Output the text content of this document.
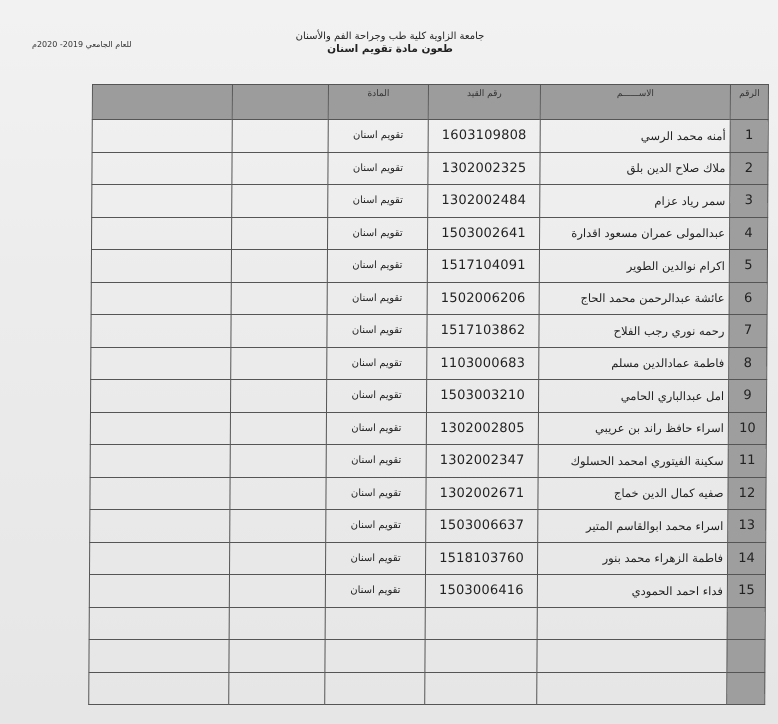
للعام الجامعي 2019- 2020م
جامعة الزاوية كلية طب وجراحة الفم والأسنان
طعون مادة تقويم اسنان
الرقم	الاســــــم	رقم القيد	المادة		
1	أمنه محمد الرسي	1603109808	تقويم اسنان		
2	ملاك صلاح الدين بلق	1302002325	تقويم اسنان		
3	سمر رياد عزام	1302002484	تقويم اسنان		
4	عبدالمولى عمران مسعود اقدارة	1503002641	تقويم اسنان		
5	اكرام نوالدين الطوير	1517104091	تقويم اسنان		
6	عائشة عبدالرحمن محمد الحاج	1502006206	تقويم اسنان		
7	رحمه نوري رجب الفلاح	1517103862	تقويم اسنان		
8	فاطمة عمادالدين مسلم	1103000683	تقويم اسنان		
9	امل عبدالباري الحامي	1503003210	تقويم اسنان		
10	اسراء حافظ راند بن عريبي	1302002805	تقويم اسنان		
11	سكينة الفيتوري امحمد الحسلوك	1302002347	تقويم اسنان		
12	صفيه كمال الدين خماج	1302002671	تقويم اسنان		
13	اسراء محمد ابوالقاسم المتير	1503006637	تقويم اسنان		
14	فاطمة الزهراء محمد بنور	1518103760	تقويم اسنان		
15	فداء احمد الحمودي	1503006416	تقويم اسنان		
